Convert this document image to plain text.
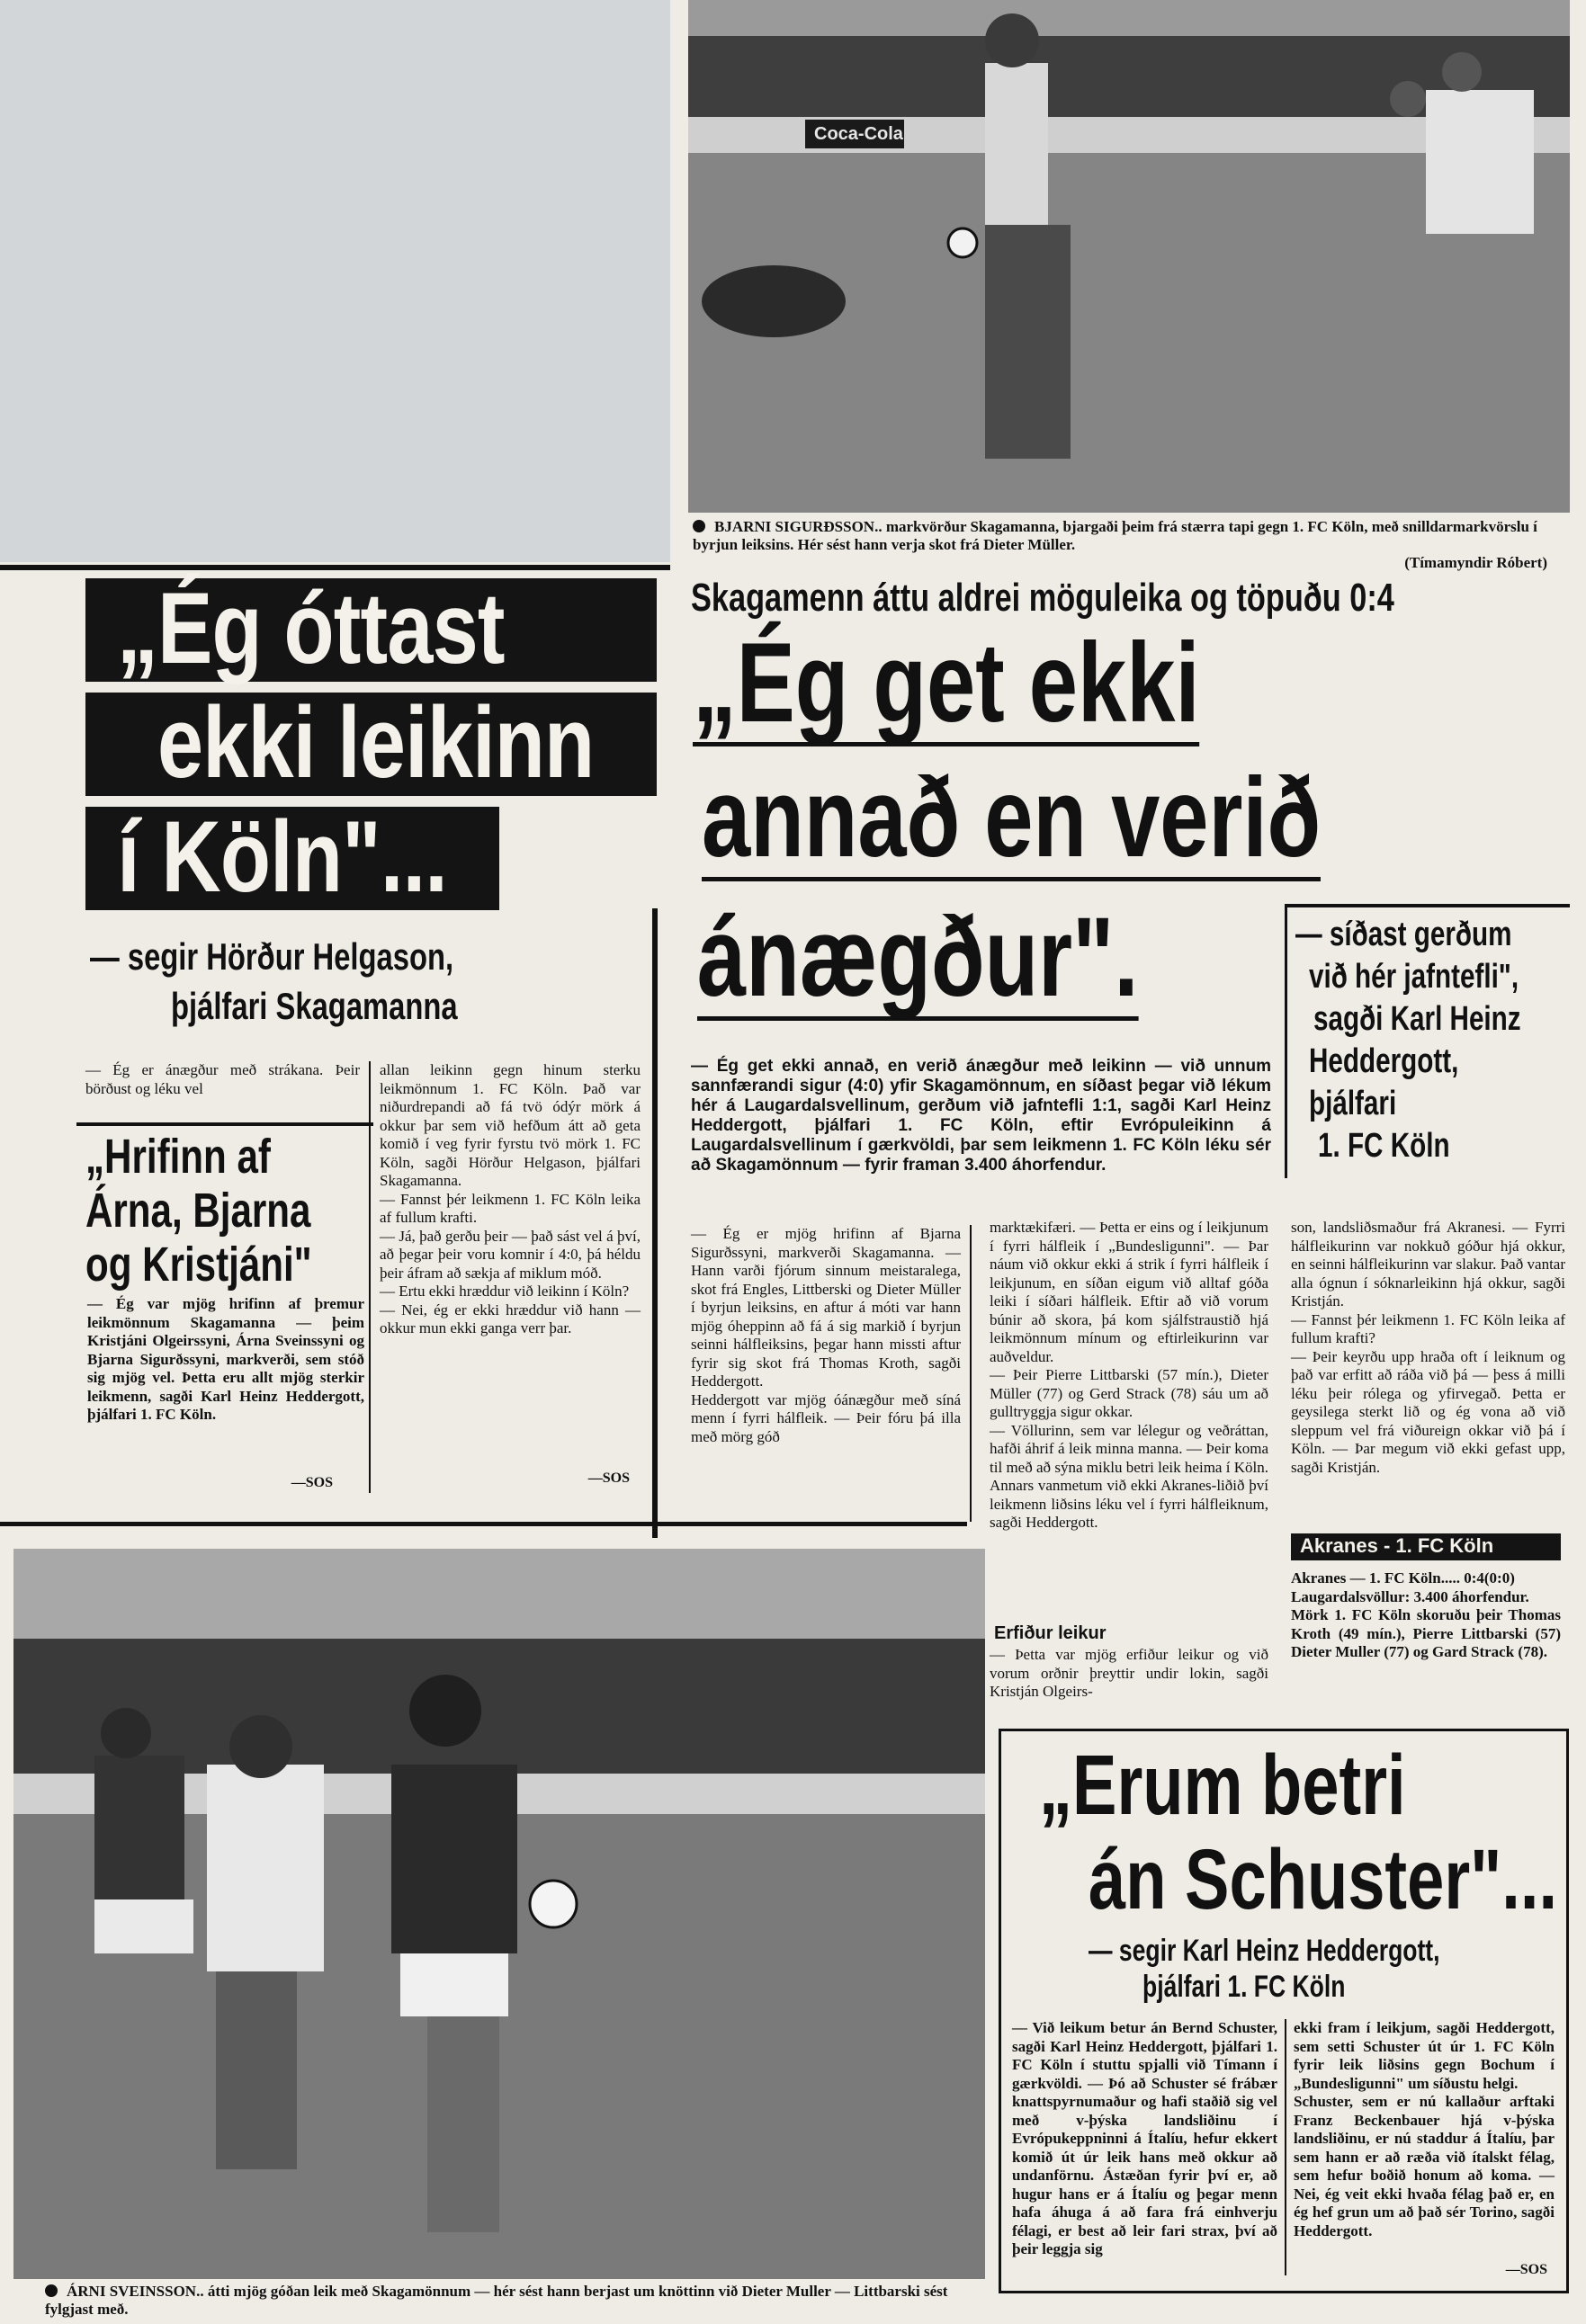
Coca-Cola
BJARNI SIGURÐSSON.. markvörður Skagamanna, bjargaði þeim frá stærra tapi gegn 1. FC Köln, með snilldarmarkvörslu í byrjun leiksins. Hér sést hann verja skot frá Dieter Müller.
(Tímamyndir Róbert)
„Ég óttast
ekki leikinn
í Köln"...
— segir Hörður Helgason,
þjálfari Skagamanna
— Ég er ánægður með strákana. Þeir börðust og léku vel
„Hrifinn af
Árna, Bjarna
og Kristjáni"
— Ég var mjög hrifinn af þremur leikmönnum Skagamanna — þeim Kristjáni Olgeirssyni, Árna Sveinssyni og Bjarna Sigurðssyni, markverði, sem stóð sig mjög vel. Þetta eru allt mjög sterkir leikmenn, sagði Karl Heinz Heddergott, þjálfari 1. FC Köln.
—SOS
allan leikinn gegn hinum sterku leikmönnum 1. FC Köln. Það var niðurdrepandi að fá tvö ódýr mörk á okkur þar sem við hefðum átt að geta komið í veg fyrir fyrstu tvö mörk 1. FC Köln, sagði Hörður Helgason, þjálfari Skagamanna.
— Fannst þér leikmenn 1. FC Köln leika af fullum krafti.
— Já, það gerðu þeir — það sást vel á því, að þegar þeir voru komnir í 4:0, þá héldu þeir áfram að sækja af miklum móð.
— Ertu ekki hræddur við leikinn í Köln?
— Nei, ég er ekki hræddur við hann — okkur mun ekki ganga verr þar.
—SOS
Skagamenn áttu aldrei möguleika og töpuðu 0:4
„Ég get ekki
annað en verið
ánægður".	— síðast gerðum
við hér jafntefli",
sagði Karl Heinz
Heddergott,
þjálfari
1. FC Köln
— Ég get ekki annað, en verið ánægður með leikinn — við unnum sannfærandi sigur (4:0) yfir Skagamönnum, en síðast þegar við lékum hér á Laugardalsvellinum, gerðum við jafntefli 1:1, sagði Karl Heinz Heddergott, þjálfari 1. FC Köln, eftir Evrópuleikinn á Laugardalsvellinum í gærkvöldi, þar sem leikmenn 1. FC Köln léku sér að Skagamönnum — fyrir framan 3.400 áhorfendur.
— Ég er mjög hrifinn af Bjarna Sigurðssyni, markverði Skagamanna. — Hann varði fjórum sinnum meistaralega, skot frá Engles, Littberski og Dieter Müller í byrjun leiksins, en aftur á móti var hann mjög óheppinn að fá á sig markið í byrjun seinni hálfleiksins, þegar hann missti aftur fyrir sig skot frá Thomas Kroth, sagði Heddergott.
Heddergott var mjög óánægður með síná menn í fyrri hálfleik. — Þeir fóru þá illa með mörg góð
marktækifæri. — Þetta er eins og í leikjunum í fyrri hálfleik í „Bundesligunni". — Þar náum við okkur ekki á strik í fyrri hálfleik í leikjunum, en síðan eigum við alltaf góða leiki í síðari hálfleik. Eftir að við vorum búnir að skora, þá kom sjálfstraustið hjá leikmönnum mínum og eftirleikurinn var auðveldur.
— Þeir Pierre Littbarski (57 mín.), Dieter Müller (77) og Gerd Strack (78) sáu um að gulltryggja sigur okkar.
— Völlurinn, sem var lélegur og veðráttan, hafði áhrif á leik minna manna. — Þeir koma til með að sýna miklu betri leik heima í Köln. Annars vanmetum við ekki Akranes-liðið því leikmenn liðsins léku vel í fyrri hálfleiknum, sagði Heddergott.
Erfiður leikur
— Þetta var mjög erfiður leikur og við vorum orðnir þreyttir undir lokin, sagði Kristján Olgeirs-
son, landsliðsmaður frá Akranesi. — Fyrri hálfleikurinn var nokkuð góður hjá okkur, en seinni hálfleikurinn var slakur. Það vantar alla ógnun í sóknarleikinn hjá okkur, sagði Kristján.
— Fannst þér leikmenn 1. FC Köln leika af fullum krafti?
— Þeir keyrðu upp hraða oft í leiknum og það var erfitt að ráða við þá — þess á milli léku þeir rólega og yfirvegað. Þetta er geysilega sterkt lið og ég vona að við sleppum vel frá viðureign okkar við þá í Köln. — Þar megum við ekki gefast upp, sagði Kristján.
Akranes - 1. FC Köln
Akranes — 1. FC Köln..... 0:4(0:0)
Laugardalsvöllur: 3.400 áhorfendur.
Mörk 1. FC Köln skoruðu þeir Thomas Kroth (49 mín.), Pierre Littbarski (57) Dieter Muller (77) og Gard Strack (78).
„Erum betri
án Schuster"...
— segir Karl Heinz Heddergott,
þjálfari 1. FC Köln
— Við leikum betur án Bernd Schuster, sagði Karl Heinz Heddergott, þjálfari 1. FC Köln í stuttu spjalli við Tímann í gærkvöldi. — Þó að Schuster sé frábær knattspyrnumaður og hafi staðið sig vel með v-þýska landsliðinu í Evrópukeppninni á Ítalíu, hefur ekkert komið út úr leik hans með okkur að undanförnu. Ástæðan fyrir því er, að hugur hans er á Ítalíu og þegar menn hafa áhuga á að fara frá einhverju félagi, er best að leir fari strax, því að þeir leggja sig
ekki fram í leikjum, sagði Heddergott, sem setti Schuster út úr 1. FC Köln fyrir leik liðsins gegn Bochum í „Bundesligunni" um síðustu helgi.
Schuster, sem er nú kallaður arftaki Franz Beckenbauer hjá v-þýska landsliðinu, er nú staddur á Ítalíu, þar sem hann er að ræða við ítalskt félag, sem hefur boðið honum að koma. — Nei, ég veit ekki hvaða félag það er, en ég hef grun um að það sér Torino, sagði Heddergott.
—SOS
ÁRNI SVEINSSON.. átti mjög góðan leik með Skagamönnum — hér sést hann berjast um knöttinn við Dieter Muller — Littbarski sést fylgjast með.
